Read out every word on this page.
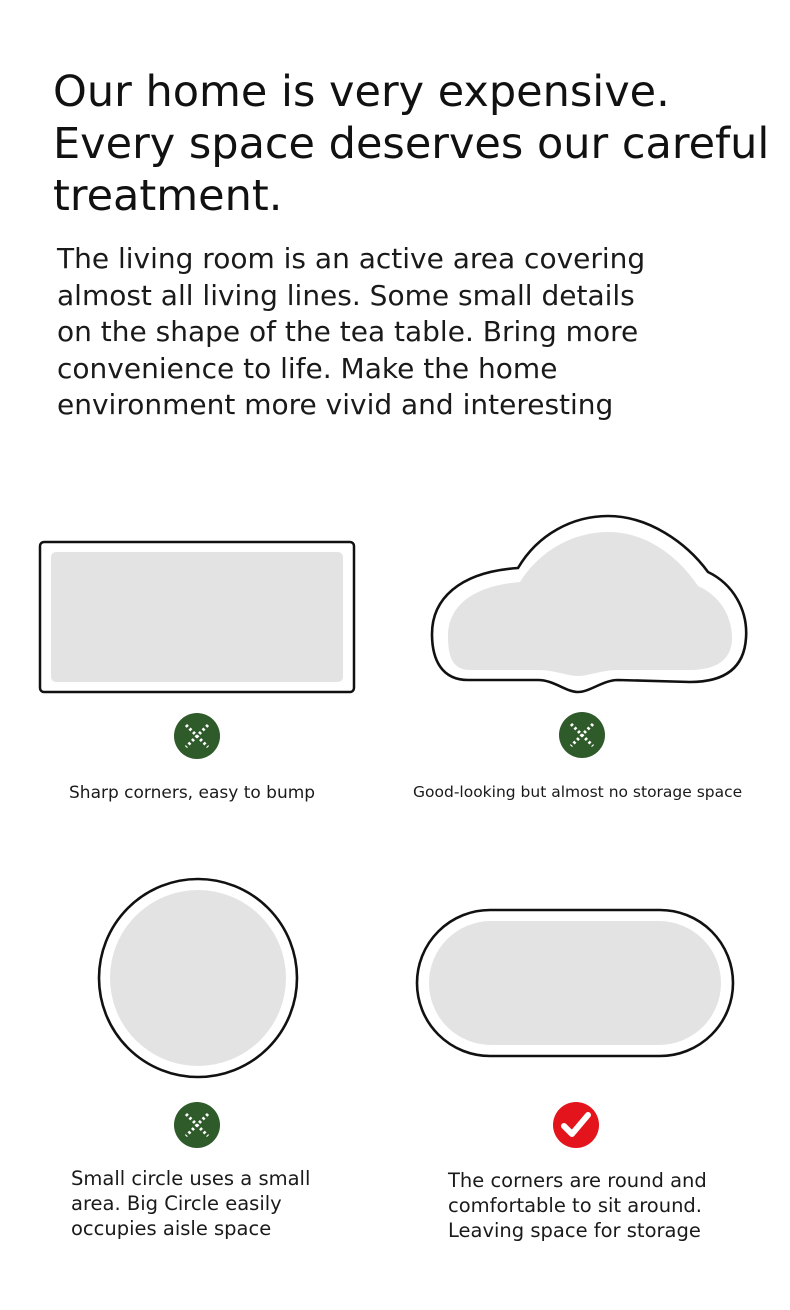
Our home is very expensive.
Every space deserves our careful
treatment.
The living room is an active area covering
almost all living lines. Some small details
on the shape of the tea table. Bring more
convenience to life. Make the home
environment more vivid and interesting
Sharp corners, easy to bump	Good-looking but almost no storage space
Small circle uses a small
area. Big Circle easily
occupies aisle space
The corners are round and
comfortable to sit around.
Leaving space for storage
